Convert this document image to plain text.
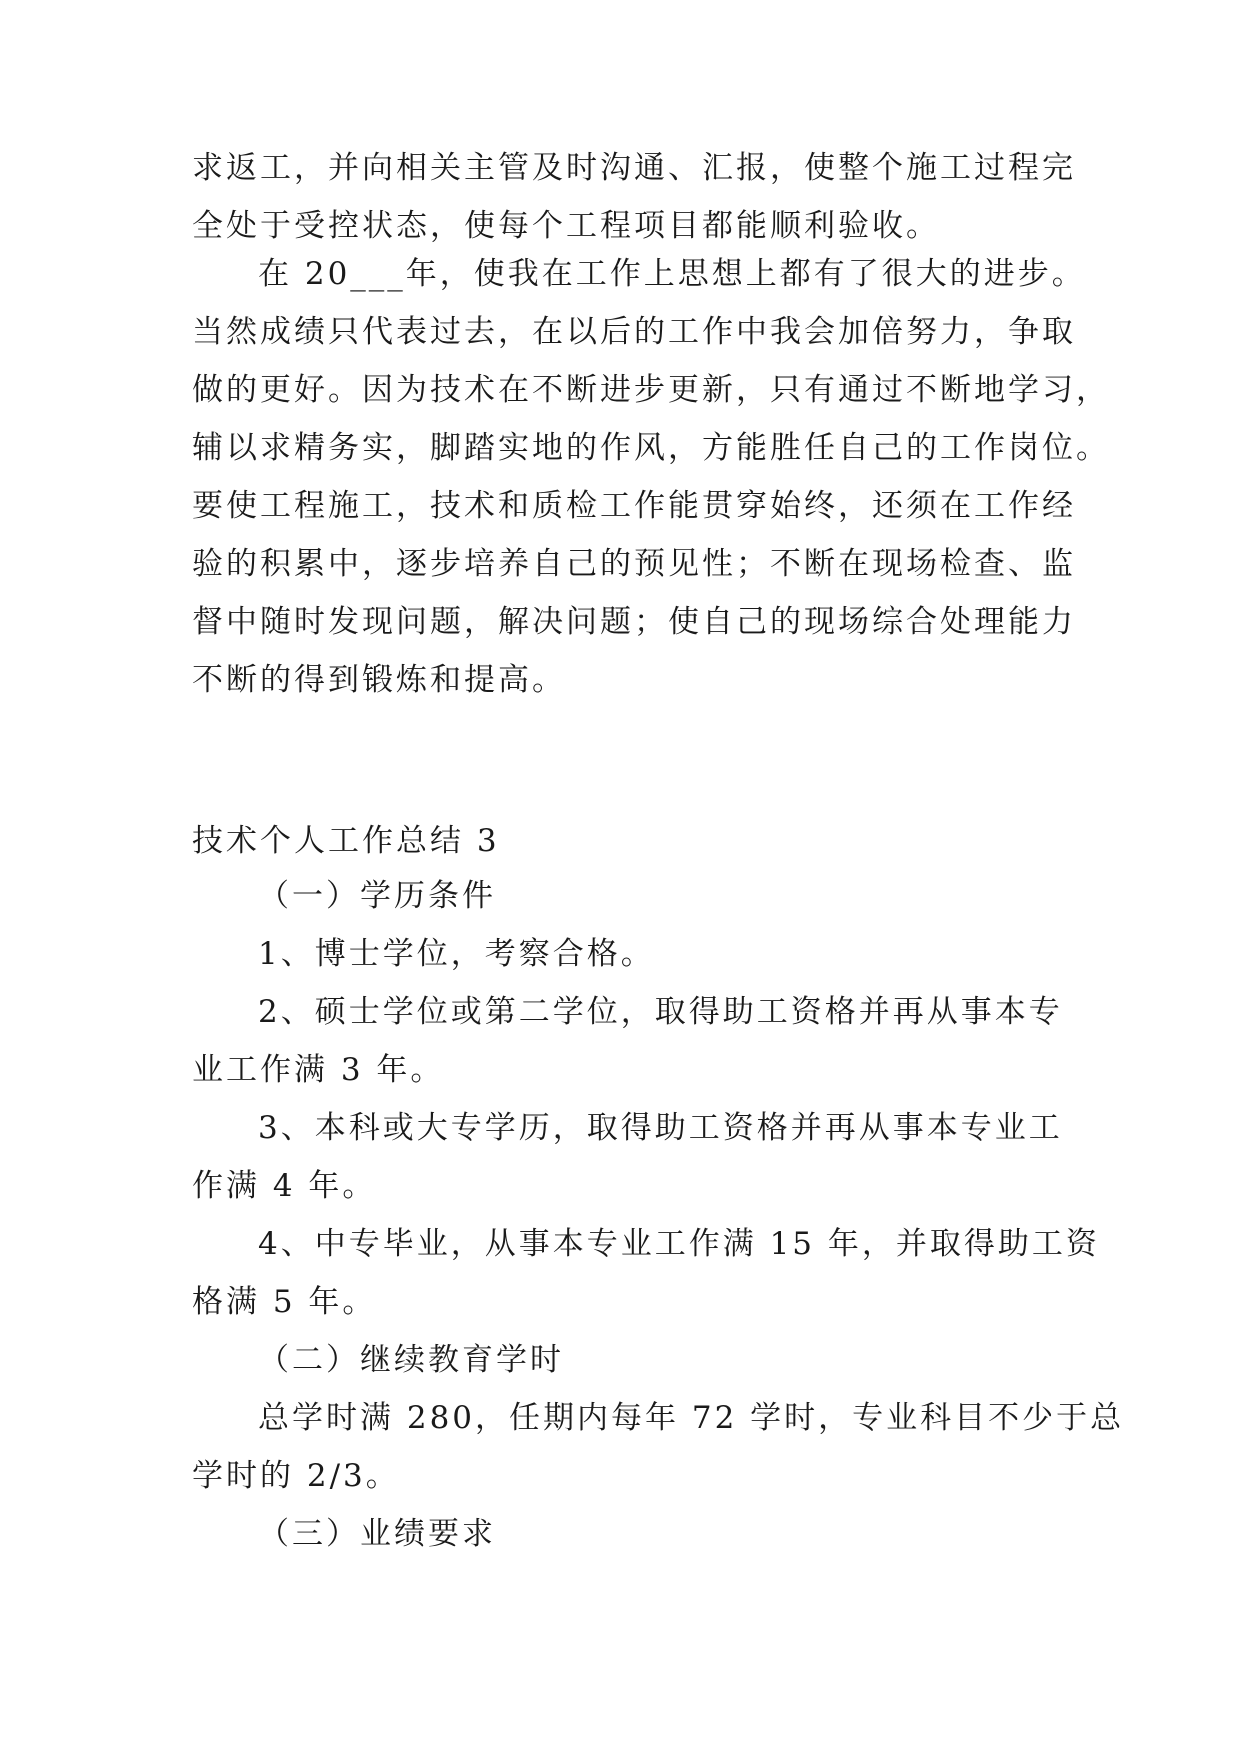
求返工，并向相关主管及时沟通、汇报，使整个施工过程完
全处于受控状态，使每个工程项目都能顺利验收。
在 20___年，使我在工作上思想上都有了很大的进步。
当然成绩只代表过去，在以后的工作中我会加倍努力，争取
做的更好。因为技术在不断进步更新，只有通过不断地学习，
辅以求精务实，脚踏实地的作风，方能胜任自己的工作岗位。
要使工程施工，技术和质检工作能贯穿始终，还须在工作经
验的积累中，逐步培养自己的预见性；不断在现场检查、监
督中随时发现问题，解决问题；使自己的现场综合处理能力
不断的得到锻炼和提高。
技术个人工作总结 3
（一）学历条件
1、博士学位，考察合格。
2、硕士学位或第二学位，取得助工资格并再从事本专
业工作满 3 年。
3、本科或大专学历，取得助工资格并再从事本专业工
作满 4 年。
4、中专毕业，从事本专业工作满 15 年，并取得助工资
格满 5 年。
（二）继续教育学时
总学时满 280，任期内每年 72 学时，专业科目不少于总
学时的 2/3。
（三）业绩要求
